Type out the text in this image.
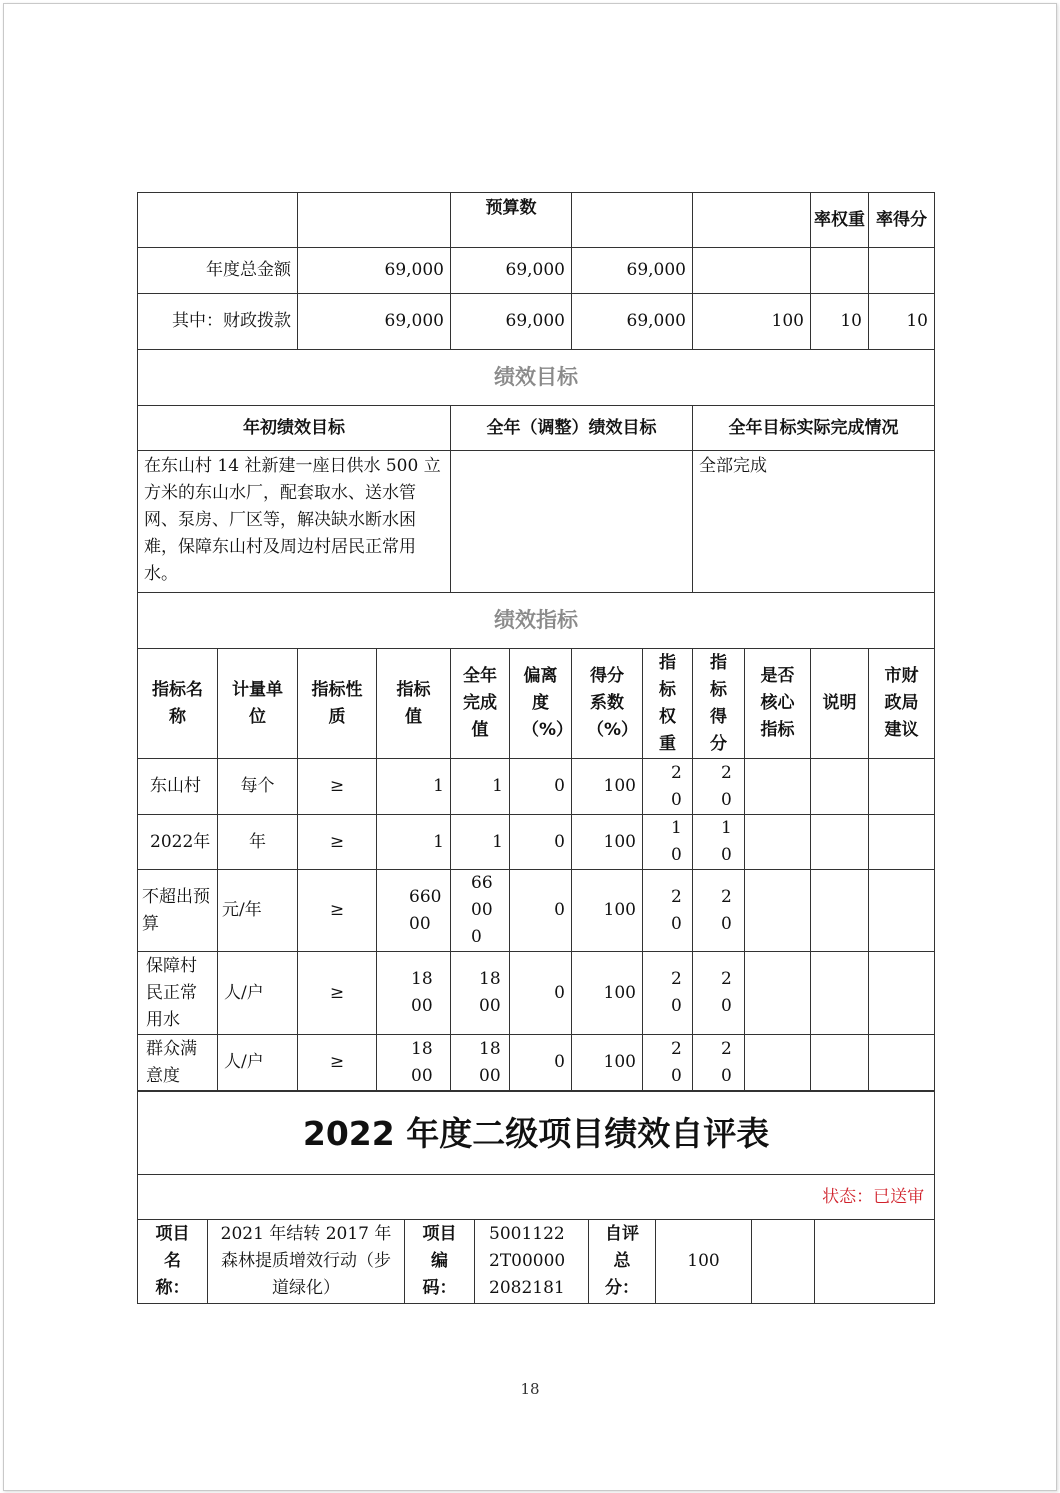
				预算数						率权重	率得分
年度总金额		69,000		69,000		69,000					
其中：财政拨款		69,000		69,000		69,000		100		10	10
绩效目标											
年初绩效目标				全年（调整）绩效目标				全年目标实际完成情况			
在东山村 14 社新建一座日供水 500 立方米的东山水厂，配套取水、送水管网、泵房、厂区等，解决缺水断水困难，保障东山村及周边村居民正常用水。								全部完成			
绩效指标											
指标名称	计量单位	指标性质	指标值	全年完成值	偏离度（%）	得分系数（%）	指标权重	指标得分	是否核心指标	说明	市财政局建议
东山村	每个	≥	1	1	0	100	20	20			
2022年	年	≥	1	1	0	100	10	10			
不超出预算	元/年	≥	66000	66000	0	100	20	20			
保障村民正常用水	人/户	≥	1800	1800	0	100	20	20			
群众满意度	人/户	≥	1800	1800	0	100	20	20			
2022 年度二级项目绩效自评表
状态：已送审
项目名称：	2021 年结转 2017 年森林提质增效行动（步道绿化）	项目编码：	50011222T000002082181	自评总分：	100		
18
